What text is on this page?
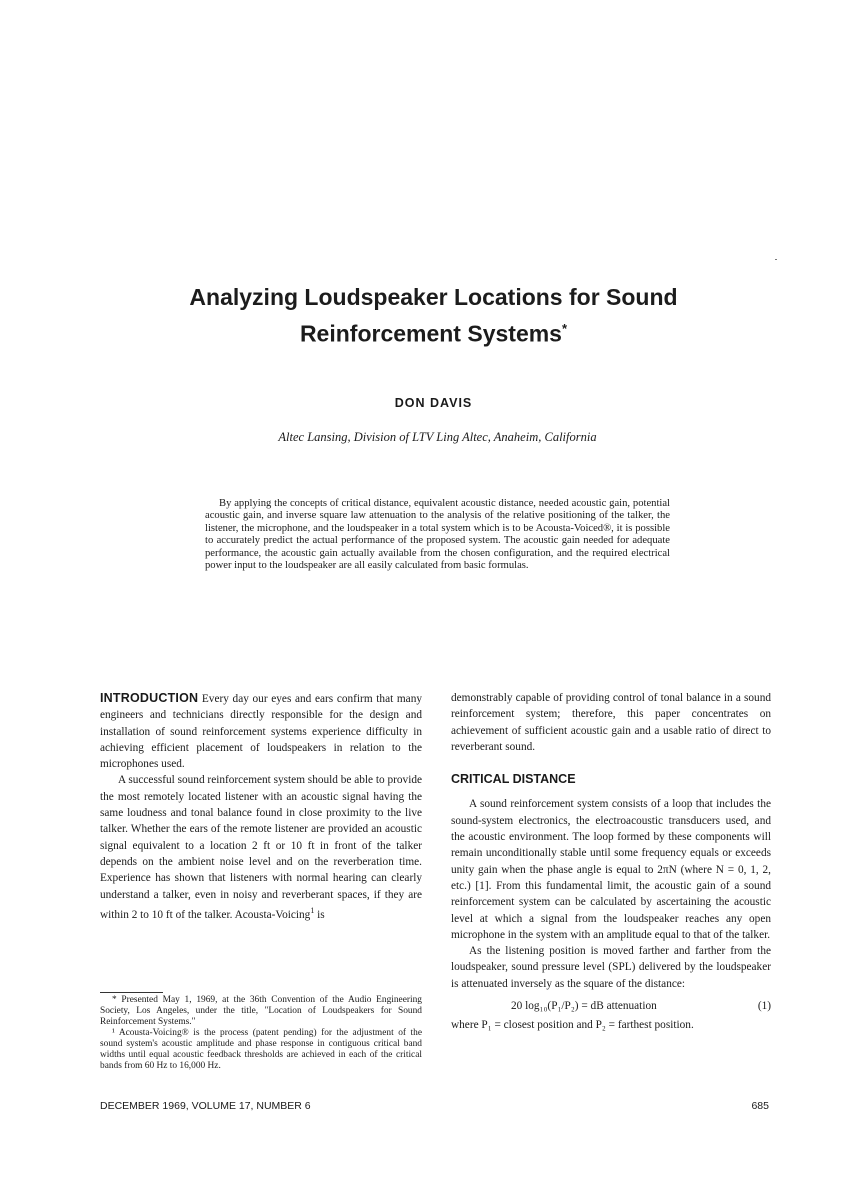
Analyzing Loudspeaker Locations for Sound
Reinforcement Systems*
DON DAVIS
Altec Lansing, Division of LTV Ling Altec, Anaheim, California

By applying the concepts of critical distance, equivalent acoustic distance, needed acoustic gain, potential acoustic gain, and inverse square law attenuation to the analysis of the relative positioning of the talker, the listener, the microphone, and the loudspeaker in a total system which is to be Acousta-Voiced®, it is possible to accurately predict the actual performance of the proposed system. The acoustic gain needed for adequate performance, the acoustic gain actually available from the chosen configuration, and the required electrical power input to the loudspeaker are all easily calculated from basic formulas.

INTRODUCTION Every day our eyes and ears confirm that many engineers and technicians directly responsible for the design and installation of sound reinforcement systems experience difficulty in achieving efficient placement of loudspeakers in relation to the microphones used.

A successful sound reinforcement system should be able to provide the most remotely located listener with an acoustic signal having the same loudness and tonal balance found in close proximity to the live talker. Whether the ears of the remote listener are provided an acoustic signal equivalent to a location 2 ft or 10 ft in front of the talker depends on the ambient noise level and on the reverberation time. Experience has shown that listeners with normal hearing can clearly understand a talker, even in noisy and reverberant spaces, if they are within 2 to 10 ft of the talker. Acousta-Voicing$^1$ is

* Presented May 1, 1969, at the 36th Convention of the Audio Engineering Society, Los Angeles, under the title, "Location of Loudspeakers for Sound Reinforcement Systems."

¹ Acousta-Voicing® is the process (patent pending) for the adjustment of the sound system's acoustic amplitude and phase response in contiguous critical band widths until equal acoustic feedback thresholds are achieved in each of the critical bands from 60 Hz to 16,000 Hz.

demonstrably capable of providing control of tonal balance in a sound reinforcement system; therefore, this paper concentrates on achievement of sufficient acoustic gain and a usable ratio of direct to reverberant sound.

CRITICAL DISTANCE

A sound reinforcement system consists of a loop that includes the sound-system electronics, the electroacoustic transducers used, and the acoustic environment. The loop formed by these components will remain unconditionally stable until some frequency equals or exceeds unity gain when the phase angle is equal to 2πN (where N = 0, 1, 2, etc.) [1]. From this fundamental limit, the acoustic gain of a sound reinforcement system can be calculated by ascertaining the acoustic level at which a signal from the loudspeaker reaches any open microphone in the system with an amplitude equal to that of the talker.

As the listening position is moved farther and farther from the loudspeaker, sound pressure level (SPL) delivered by the loudspeaker is attenuated inversely as the square of the distance:

20 log₁₀(P₁/P₂) = dB attenuation	(1)

where P₁ = closest position and P₂ = farthest position.

DECEMBER 1969, VOLUME 17, NUMBER 6	685
